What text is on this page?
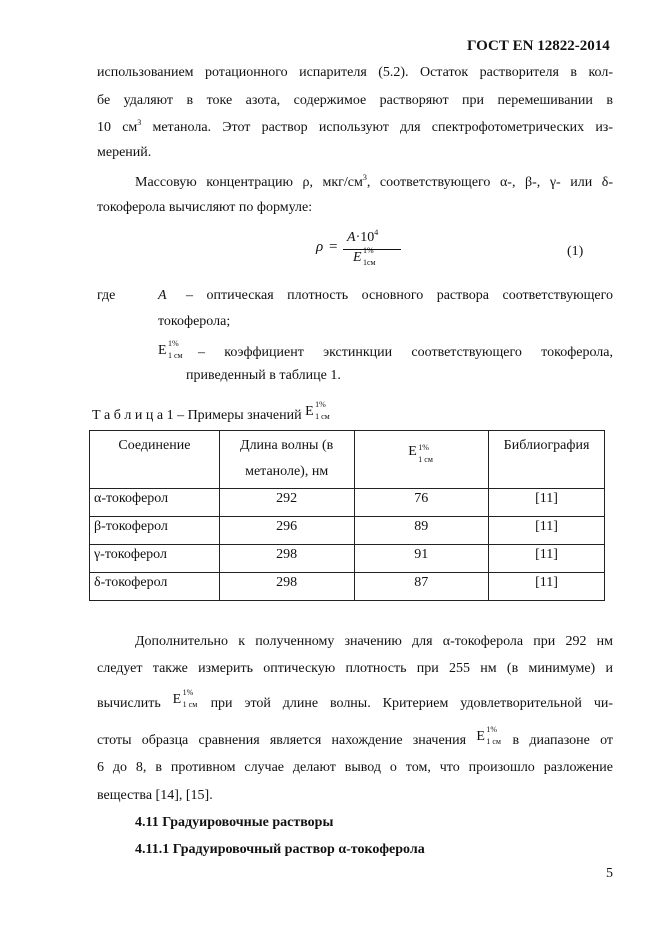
ГОСТ EN 12822-2014
использованием ротационного испарителя (5.2). Остаток растворителя в кол-
бе удаляют в токе азота, содержимое растворяют при перемешивании в
10 $см^3$ метанола. Этот раствор используют для спектрофотометрических из-
мерений.
Массовую концентрацию ρ, мкг/$см^3$, соответствующего α-, β-, γ- или δ-
токоферола вычисляют по формуле:
ρ =
$A\cdot 10^4$
E 1%
1см
(1)
где	А – оптическая плотность основного раствора соответствующего
токоферола;
E 1%
1 см – коэффициент экстинкции соответствующего токоферола,
приведенный в таблице 1.
Т а б л и ц а 1 – Примеры значений E 1%
1 см
Соединение	Длина волны (в
метаноле), нм	E 1%
1 см	Библиография
α-токоферол	292	76	[11]
β-токоферол	296	89	[11]
γ-токоферол	298	91	[11]
δ-токоферол	298	87	[11]
Дополнительно к полученному значению для α-токоферола при 292 нм
следует также измерить оптическую плотность при 255 нм (в минимуме) и
вычислить E 1%
1 см при этой длине волны. Критерием удовлетворительной чи-
стоты образца сравнения является нахождение значения E 1%
1 см в диапазоне от
6 до 8, в противном случае делают вывод о том, что произошло разложение
вещества [14], [15].
4.11 Градуировочные растворы
4.11.1 Градуировочный раствор α-токоферола
5
